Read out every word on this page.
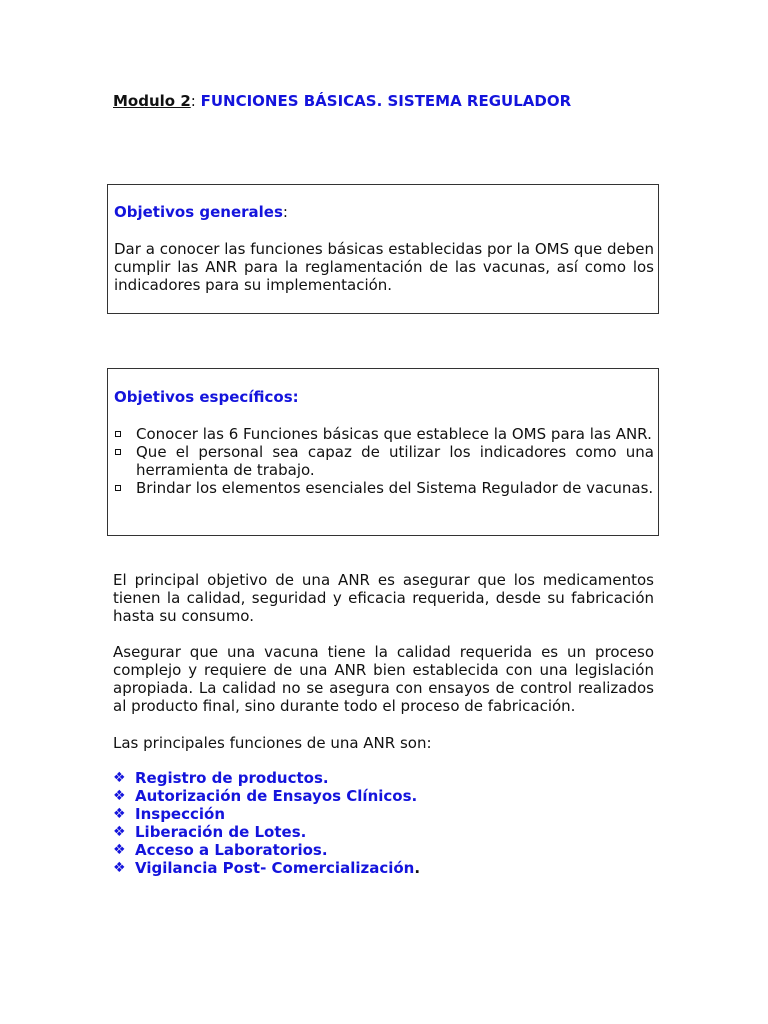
Modulo 2: FUNCIONES BÁSICAS. SISTEMA REGULADOR
Objetivos generales:

Dar a conocer las funciones básicas establecidas por la OMS que deben cumplir las ANR para la reglamentación de las vacunas, así como los indicadores para su implementación.

Objetivos específicos:

Conocer las 6 Funciones básicas que establece la OMS para las ANR.

Que el personal sea capaz de utilizar los indicadores como una herramienta de trabajo.

Brindar los elementos esenciales del Sistema Regulador de vacunas.

El principal objetivo de una ANR es asegurar que los medicamentos tienen la calidad, seguridad y eficacia requerida, desde su fabricación hasta su consumo.

Asegurar que una vacuna tiene la calidad requerida es un proceso complejo y requiere de una ANR bien establecida con una legislación apropiada. La calidad no se asegura con ensayos de control realizados al producto final, sino durante todo el proceso de fabricación.

Las principales funciones de una ANR son:

❖ Registro de productos.
❖ Autorización de Ensayos Clínicos.
❖ Inspección
❖ Liberación de Lotes.
❖ Acceso a Laboratorios.
❖ Vigilancia Post- Comercialización.
